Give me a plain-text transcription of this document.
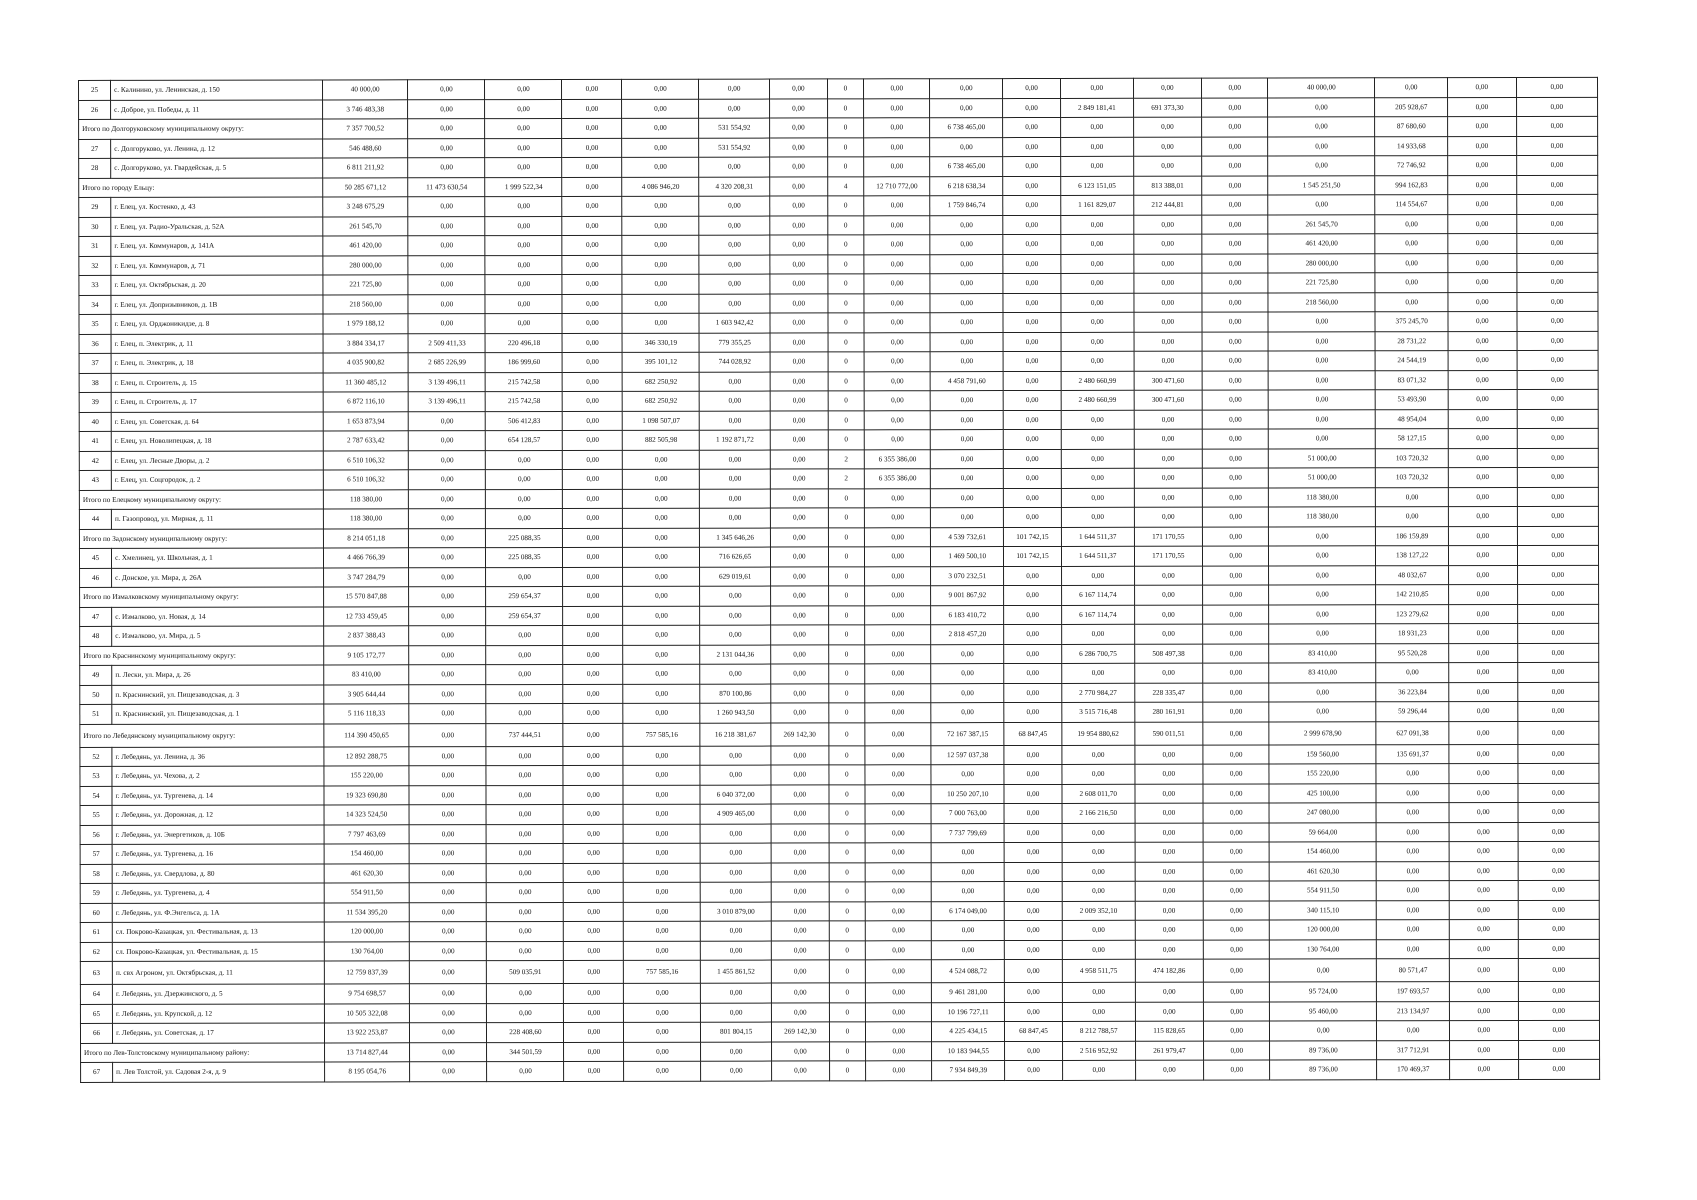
25	с. Калинино, ул. Ленинская, д. 150	40 000,00	0,00	0,00	0,00	0,00	0,00	0,00	0	0,00	0,00	0,00	0,00	0,00	0,00	40 000,00	0,00	0,00	0,00
26	с. Доброе, ул. Победы, д. 11	3 746 483,38	0,00	0,00	0,00	0,00	0,00	0,00	0	0,00	0,00	0,00	2 849 181,41	691 373,30	0,00	0,00	205 928,67	0,00	0,00
Итого по Долгоруковскому муниципальному округу:		7 357 700,52	0,00	0,00	0,00	0,00	531 554,92	0,00	0	0,00	6 738 465,00	0,00	0,00	0,00	0,00	0,00	87 680,60	0,00	0,00
27	с. Долгоруково, ул. Ленина, д. 12	546 488,60	0,00	0,00	0,00	0,00	531 554,92	0,00	0	0,00	0,00	0,00	0,00	0,00	0,00	0,00	14 933,68	0,00	0,00
28	с. Долгоруково, ул. Гвардейская, д. 5	6 811 211,92	0,00	0,00	0,00	0,00	0,00	0,00	0	0,00	6 738 465,00	0,00	0,00	0,00	0,00	0,00	72 746,92	0,00	0,00
Итого по городу Ельцу:		50 285 671,12	11 473 630,54	1 999 522,34	0,00	4 086 946,20	4 320 208,31	0,00	4	12 710 772,00	6 218 638,34	0,00	6 123 151,05	813 388,01	0,00	1 545 251,50	994 162,83	0,00	0,00
29	г. Елец, ул. Костенко, д. 43	3 248 675,29	0,00	0,00	0,00	0,00	0,00	0,00	0	0,00	1 759 846,74	0,00	1 161 829,07	212 444,81	0,00	0,00	114 554,67	0,00	0,00
30	г. Елец, ул. Радио-Уральская, д. 52А	261 545,70	0,00	0,00	0,00	0,00	0,00	0,00	0	0,00	0,00	0,00	0,00	0,00	0,00	261 545,70	0,00	0,00	0,00
31	г. Елец, ул. Коммунаров, д. 141А	461 420,00	0,00	0,00	0,00	0,00	0,00	0,00	0	0,00	0,00	0,00	0,00	0,00	0,00	461 420,00	0,00	0,00	0,00
32	г. Елец, ул. Коммунаров, д. 71	280 000,00	0,00	0,00	0,00	0,00	0,00	0,00	0	0,00	0,00	0,00	0,00	0,00	0,00	280 000,00	0,00	0,00	0,00
33	г. Елец, ул. Октябрьская, д. 20	221 725,80	0,00	0,00	0,00	0,00	0,00	0,00	0	0,00	0,00	0,00	0,00	0,00	0,00	221 725,80	0,00	0,00	0,00
34	г. Елец, ул. Допризывников, д. 1В	218 560,00	0,00	0,00	0,00	0,00	0,00	0,00	0	0,00	0,00	0,00	0,00	0,00	0,00	218 560,00	0,00	0,00	0,00
35	г. Елец, ул. Орджоникидзе, д. 8	1 979 188,12	0,00	0,00	0,00	0,00	1 603 942,42	0,00	0	0,00	0,00	0,00	0,00	0,00	0,00	0,00	375 245,70	0,00	0,00
36	г. Елец, п. Электрик, д. 11	3 884 334,17	2 509 411,33	220 496,18	0,00	346 330,19	779 355,25	0,00	0	0,00	0,00	0,00	0,00	0,00	0,00	0,00	28 731,22	0,00	0,00
37	г. Елец, п. Электрик, д. 18	4 035 900,82	2 685 226,99	186 999,60	0,00	395 101,12	744 028,92	0,00	0	0,00	0,00	0,00	0,00	0,00	0,00	0,00	24 544,19	0,00	0,00
38	г. Елец, п. Строитель, д. 15	11 360 485,12	3 139 496,11	215 742,58	0,00	682 250,92	0,00	0,00	0	0,00	4 458 791,60	0,00	2 480 660,99	300 471,60	0,00	0,00	83 071,32	0,00	0,00
39	г. Елец, п. Строитель, д. 17	6 872 116,10	3 139 496,11	215 742,58	0,00	682 250,92	0,00	0,00	0	0,00	0,00	0,00	2 480 660,99	300 471,60	0,00	0,00	53 493,90	0,00	0,00
40	г. Елец, ул. Советская, д. 64	1 653 873,94	0,00	506 412,83	0,00	1 098 507,07	0,00	0,00	0	0,00	0,00	0,00	0,00	0,00	0,00	0,00	48 954,04	0,00	0,00
41	г. Елец, ул. Новолипецкая, д. 18	2 787 633,42	0,00	654 128,57	0,00	882 505,98	1 192 871,72	0,00	0	0,00	0,00	0,00	0,00	0,00	0,00	0,00	58 127,15	0,00	0,00
42	г. Елец, ул. Лесные Дворы, д. 2	6 510 106,32	0,00	0,00	0,00	0,00	0,00	0,00	2	6 355 386,00	0,00	0,00	0,00	0,00	0,00	51 000,00	103 720,32	0,00	0,00
43	г. Елец, ул. Соцгородок, д. 2	6 510 106,32	0,00	0,00	0,00	0,00	0,00	0,00	2	6 355 386,00	0,00	0,00	0,00	0,00	0,00	51 000,00	103 720,32	0,00	0,00
Итого по Елецкому муниципальному округу:		118 380,00	0,00	0,00	0,00	0,00	0,00	0,00	0	0,00	0,00	0,00	0,00	0,00	0,00	118 380,00	0,00	0,00	0,00
44	п. Газопровод, ул. Мирная, д. 11	118 380,00	0,00	0,00	0,00	0,00	0,00	0,00	0	0,00	0,00	0,00	0,00	0,00	0,00	118 380,00	0,00	0,00	0,00
Итого по Задонскому муниципальному округу:		8 214 051,18	0,00	225 088,35	0,00	0,00	1 345 646,26	0,00	0	0,00	4 539 732,61	101 742,15	1 644 511,37	171 170,55	0,00	0,00	186 159,89	0,00	0,00
45	с. Хмелинец, ул. Школьная, д. 1	4 466 766,39	0,00	225 088,35	0,00	0,00	716 626,65	0,00	0	0,00	1 469 500,10	101 742,15	1 644 511,37	171 170,55	0,00	0,00	138 127,22	0,00	0,00
46	с. Донское, ул. Мира, д. 26А	3 747 284,79	0,00	0,00	0,00	0,00	629 019,61	0,00	0	0,00	3 070 232,51	0,00	0,00	0,00	0,00	0,00	48 032,67	0,00	0,00
Итого по Измалковскому муниципальному округу:		15 570 847,88	0,00	259 654,37	0,00	0,00	0,00	0,00	0	0,00	9 001 867,92	0,00	6 167 114,74	0,00	0,00	0,00	142 210,85	0,00	0,00
47	с. Измалково, ул. Новая, д. 14	12 733 459,45	0,00	259 654,37	0,00	0,00	0,00	0,00	0	0,00	6 183 410,72	0,00	6 167 114,74	0,00	0,00	0,00	123 279,62	0,00	0,00
48	с. Измалково, ул. Мира, д. 5	2 837 388,43	0,00	0,00	0,00	0,00	0,00	0,00	0	0,00	2 818 457,20	0,00	0,00	0,00	0,00	0,00	18 931,23	0,00	0,00
Итого по Краснинскому муниципальному округу:		9 105 172,77	0,00	0,00	0,00	0,00	2 131 044,36	0,00	0	0,00	0,00	0,00	6 286 700,75	508 497,38	0,00	83 410,00	95 520,28	0,00	0,00
49	п. Лески, ул. Мира, д. 26	83 410,00	0,00	0,00	0,00	0,00	0,00	0,00	0	0,00	0,00	0,00	0,00	0,00	0,00	83 410,00	0,00	0,00	0,00
50	п. Краснинский, ул. Пищезаводская, д. 3	3 905 644,44	0,00	0,00	0,00	0,00	870 100,86	0,00	0	0,00	0,00	0,00	2 770 984,27	228 335,47	0,00	0,00	36 223,84	0,00	0,00
51	п. Краснинский, ул. Пищезаводская, д. 1	5 116 118,33	0,00	0,00	0,00	0,00	1 260 943,50	0,00	0	0,00	0,00	0,00	3 515 716,48	280 161,91	0,00	0,00	59 296,44	0,00	0,00
Итого по Лебедянскому муниципальному округу:		114 390 450,65	0,00	737 444,51	0,00	757 585,16	16 218 381,67	269 142,30	0	0,00	72 167 387,15	68 847,45	19 954 880,62	590 011,51	0,00	2 999 678,90	627 091,38	0,00	0,00
52	г. Лебедянь, ул. Ленина, д. 36	12 892 288,75	0,00	0,00	0,00	0,00	0,00	0,00	0	0,00	12 597 037,38	0,00	0,00	0,00	0,00	159 560,00	135 691,37	0,00	0,00
53	г. Лебедянь, ул. Чехова, д. 2	155 220,00	0,00	0,00	0,00	0,00	0,00	0,00	0	0,00	0,00	0,00	0,00	0,00	0,00	155 220,00	0,00	0,00	0,00
54	г. Лебедянь, ул. Тургенева, д. 14	19 323 690,80	0,00	0,00	0,00	0,00	6 040 372,00	0,00	0	0,00	10 250 207,10	0,00	2 608 011,70	0,00	0,00	425 100,00	0,00	0,00	0,00
55	г. Лебедянь, ул. Дорожная, д. 12	14 323 524,50	0,00	0,00	0,00	0,00	4 909 465,00	0,00	0	0,00	7 000 763,00	0,00	2 166 216,50	0,00	0,00	247 080,00	0,00	0,00	0,00
56	г. Лебедянь, ул. Энергетиков, д. 10Б	7 797 463,69	0,00	0,00	0,00	0,00	0,00	0,00	0	0,00	7 737 799,69	0,00	0,00	0,00	0,00	59 664,00	0,00	0,00	0,00
57	г. Лебедянь, ул. Тургенева, д. 16	154 460,00	0,00	0,00	0,00	0,00	0,00	0,00	0	0,00	0,00	0,00	0,00	0,00	0,00	154 460,00	0,00	0,00	0,00
58	г. Лебедянь, ул. Свердлова, д. 80	461 620,30	0,00	0,00	0,00	0,00	0,00	0,00	0	0,00	0,00	0,00	0,00	0,00	0,00	461 620,30	0,00	0,00	0,00
59	г. Лебедянь, ул. Тургенева, д. 4	554 911,50	0,00	0,00	0,00	0,00	0,00	0,00	0	0,00	0,00	0,00	0,00	0,00	0,00	554 911,50	0,00	0,00	0,00
60	г. Лебедянь, ул. Ф.Энгельса, д. 1А	11 534 395,20	0,00	0,00	0,00	0,00	3 010 879,00	0,00	0	0,00	6 174 049,00	0,00	2 009 352,10	0,00	0,00	340 115,10	0,00	0,00	0,00
61	сл. Покрово-Казацкая, ул. Фестивальная, д. 13	120 000,00	0,00	0,00	0,00	0,00	0,00	0,00	0	0,00	0,00	0,00	0,00	0,00	0,00	120 000,00	0,00	0,00	0,00
62	сл. Покрово-Казацкая, ул. Фестивальная, д. 15	130 764,00	0,00	0,00	0,00	0,00	0,00	0,00	0	0,00	0,00	0,00	0,00	0,00	0,00	130 764,00	0,00	0,00	0,00
63	п. свх Агроном, ул. Октябрьская, д. 11	12 759 837,39	0,00	509 035,91	0,00	757 585,16	1 455 861,52	0,00	0	0,00	4 524 088,72	0,00	4 958 511,75	474 182,86	0,00	0,00	80 571,47	0,00	0,00
64	г. Лебедянь, ул. Дзержинского, д. 5	9 754 698,57	0,00	0,00	0,00	0,00	0,00	0,00	0	0,00	9 461 281,00	0,00	0,00	0,00	0,00	95 724,00	197 693,57	0,00	0,00
65	г. Лебедянь, ул. Крупской, д. 12	10 505 322,08	0,00	0,00	0,00	0,00	0,00	0,00	0	0,00	10 196 727,11	0,00	0,00	0,00	0,00	95 460,00	213 134,97	0,00	0,00
66	г. Лебедянь, ул. Советская, д. 17	13 922 253,87	0,00	228 408,60	0,00	0,00	801 804,15	269 142,30	0	0,00	4 225 434,15	68 847,45	8 212 788,57	115 828,65	0,00	0,00	0,00	0,00	0,00
Итого по Лев-Толстовскому муниципальному району:		13 714 827,44	0,00	344 501,59	0,00	0,00	0,00	0,00	0	0,00	10 183 944,55	0,00	2 516 952,92	261 979,47	0,00	89 736,00	317 712,91	0,00	0,00
67	п. Лев Толстой, ул. Садовая 2-я, д. 9	8 195 054,76	0,00	0,00	0,00	0,00	0,00	0,00	0	0,00	7 934 849,39	0,00	0,00	0,00	0,00	89 736,00	170 469,37	0,00	0,00
